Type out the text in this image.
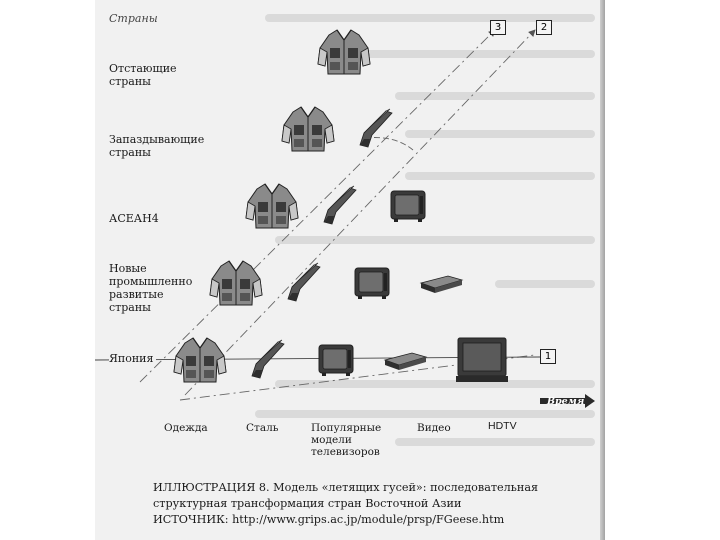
Время
Страны
Отстающие
страны
Запаздывающие
страны
АСЕАН4
Новые
промышленно
развитые
страны
Япония
Одежда	Сталь	Популярные
модели
телевизоров
Видео	HDTV
3	2
1
ИЛЛЮСТРАЦИЯ 8. Модель «летящих гусей»: последовательная
структурная трансформация стран Восточной Азии
ИСТОЧНИК: http://www.grips.ac.jp/module/prsp/FGeese.htm
